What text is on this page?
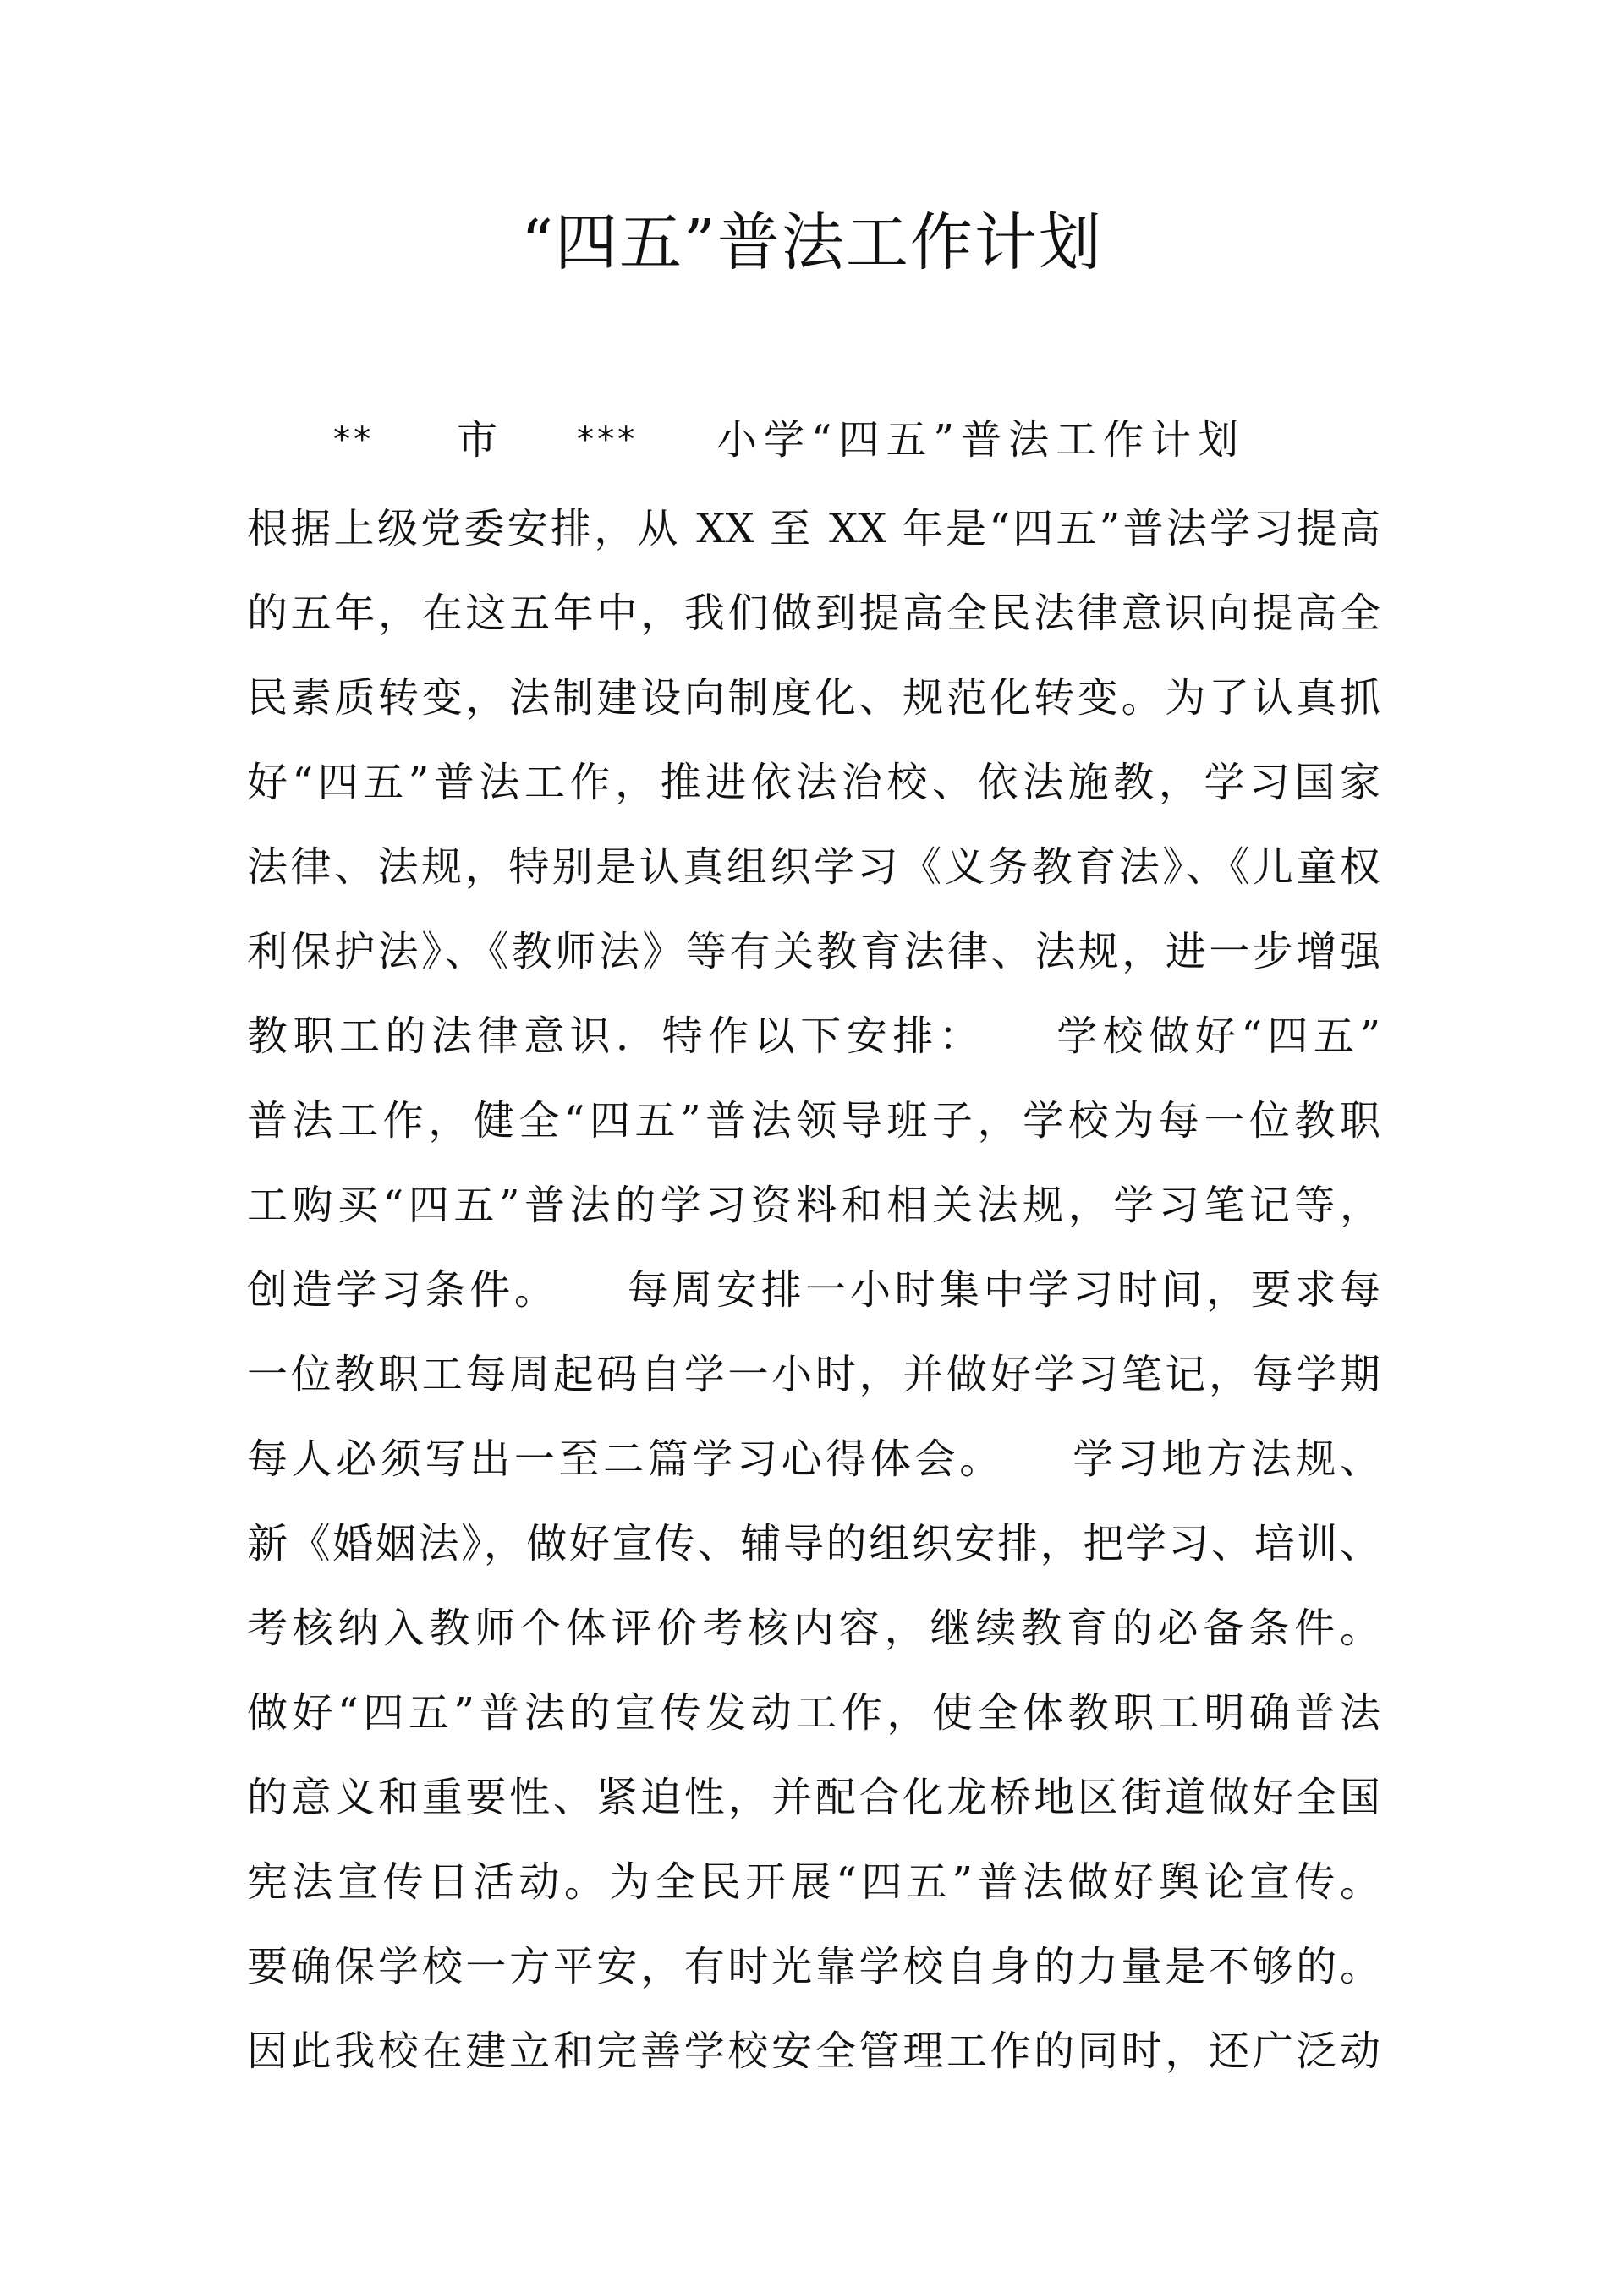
“四五”普法工作计划
** 市 *** 小学“四五”普法工作计划
根据上级党委安排，从 XX 至 XX 年是“四五”普法学习提高
的五年，在这五年中，我们做到提高全民法律意识向提高全
民素质转变，法制建设向制度化、规范化转变。为了认真抓
好“四五”普法工作，推进依法治校、依法施教，学习国家
法律、法规，特别是认真组织学习《义务教育法》、《儿童权
利保护法》、《教师法》等有关教育法律、法规，进一步增强
教职工的法律意识．特作以下安排：　　学校做好“四五”
普法工作，健全“四五”普法领导班子，学校为每一位教职
工购买“四五”普法的学习资料和相关法规，学习笔记等，
创造学习条件。　　每周安排一小时集中学习时间，要求每
一位教职工每周起码自学一小时，并做好学习笔记，每学期
每人必须写出一至二篇学习心得体会。　　学习地方法规、
新《婚姻法》，做好宣传、辅导的组织安排，把学习、培训、
考核纳入教师个体评价考核内容，继续教育的必备条件。
做好“四五”普法的宣传发动工作，使全体教职工明确普法
的意义和重要性、紧迫性，并配合化龙桥地区街道做好全国
宪法宣传日活动。为全民开展“四五”普法做好舆论宣传。
要确保学校一方平安，有时光靠学校自身的力量是不够的。
因此我校在建立和完善学校安全管理工作的同时，还广泛动
